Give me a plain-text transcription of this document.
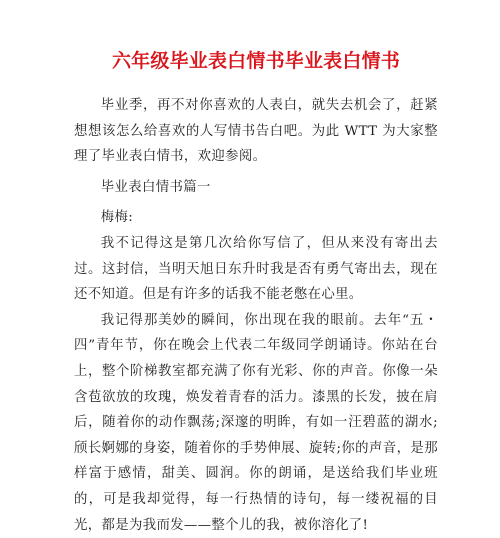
六年级毕业表白情书毕业表白情书

毕业季，再不对你喜欢的人表白，就失去机会了，赶紧想想该怎么给喜欢的人写情书告白吧。为此 WTT 为大家整理了毕业表白情书，欢迎参阅。

毕业表白情书篇一

梅梅:

我不记得这是第几次给你写信了，但从来没有寄出去过。这封信，当明天旭日东升时我是否有勇气寄出去，现在还不知道。但是有许多的话我不能老憋在心里。

我记得那美妙的瞬间，你出现在我的眼前。去年“五・四”青年节，你在晚会上代表二年级同学朗诵诗。你站在台上，整个阶梯教室都充满了你有光彩、你的声音。你像一朵含苞欲放的玫瑰，焕发着青春的活力。漆黑的长发，披在肩后，随着你的动作飘荡;深邃的明眸，有如一汪碧蓝的湖水;颀长婀娜的身姿，随着你的手势伸展、旋转;你的声音，是那样富于感情，甜美、圆润。你的朗诵，是送给我们毕业班的，可是我却觉得，每一行热情的诗句，每一缕祝福的目光，都是为我而发——整个儿的我，被你溶化了!
